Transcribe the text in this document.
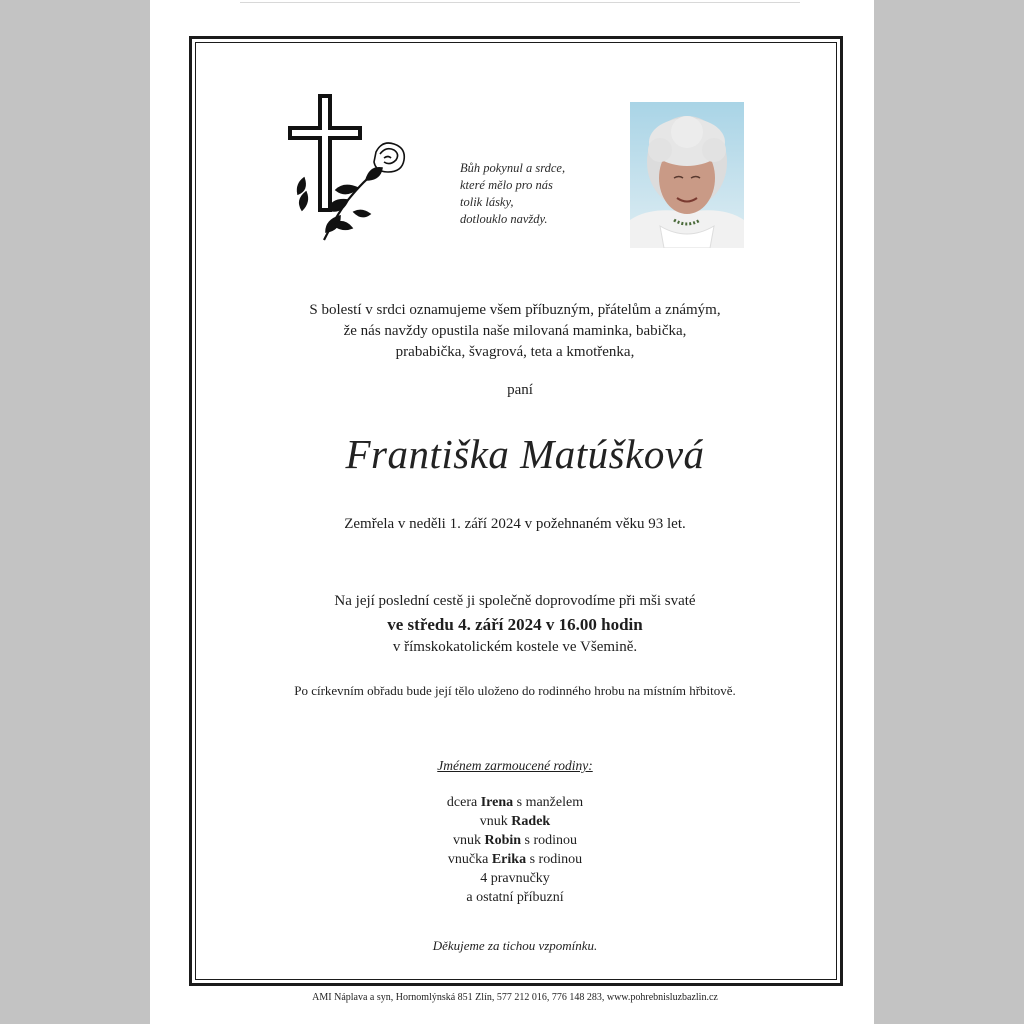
Bůh pokynul a srdce,
které mělo pro nás
tolik lásky,
dotlouklo navždy.
S bolestí v srdci oznamujeme všem příbuzným, přátelům a známým,
že nás navždy opustila naše milovaná maminka, babička,
prababička, švagrová, teta a kmotřenka,
paní
Františka Matúšková
Zemřela v neděli 1. září 2024 v požehnaném věku 93 let.
Na její poslední cestě ji společně doprovodíme při mši svaté
ve středu 4. září 2024 v 16.00 hodin
v římskokatolickém kostele ve Všemině.
Po církevním obřadu bude její tělo uloženo do rodinného hrobu na místním hřbitově.
Jménem zarmoucené rodiny:
dcera Irena s manželem
vnuk Radek
vnuk Robin s rodinou
vnučka Erika s rodinou
4 pravnučky
a ostatní příbuzní
Děkujeme za tichou vzpomínku.
AMI Náplava a syn, Hornomlýnská 851 Zlín, 577 212 016, 776 148 283, www.pohrebnisluzbazlin.cz
